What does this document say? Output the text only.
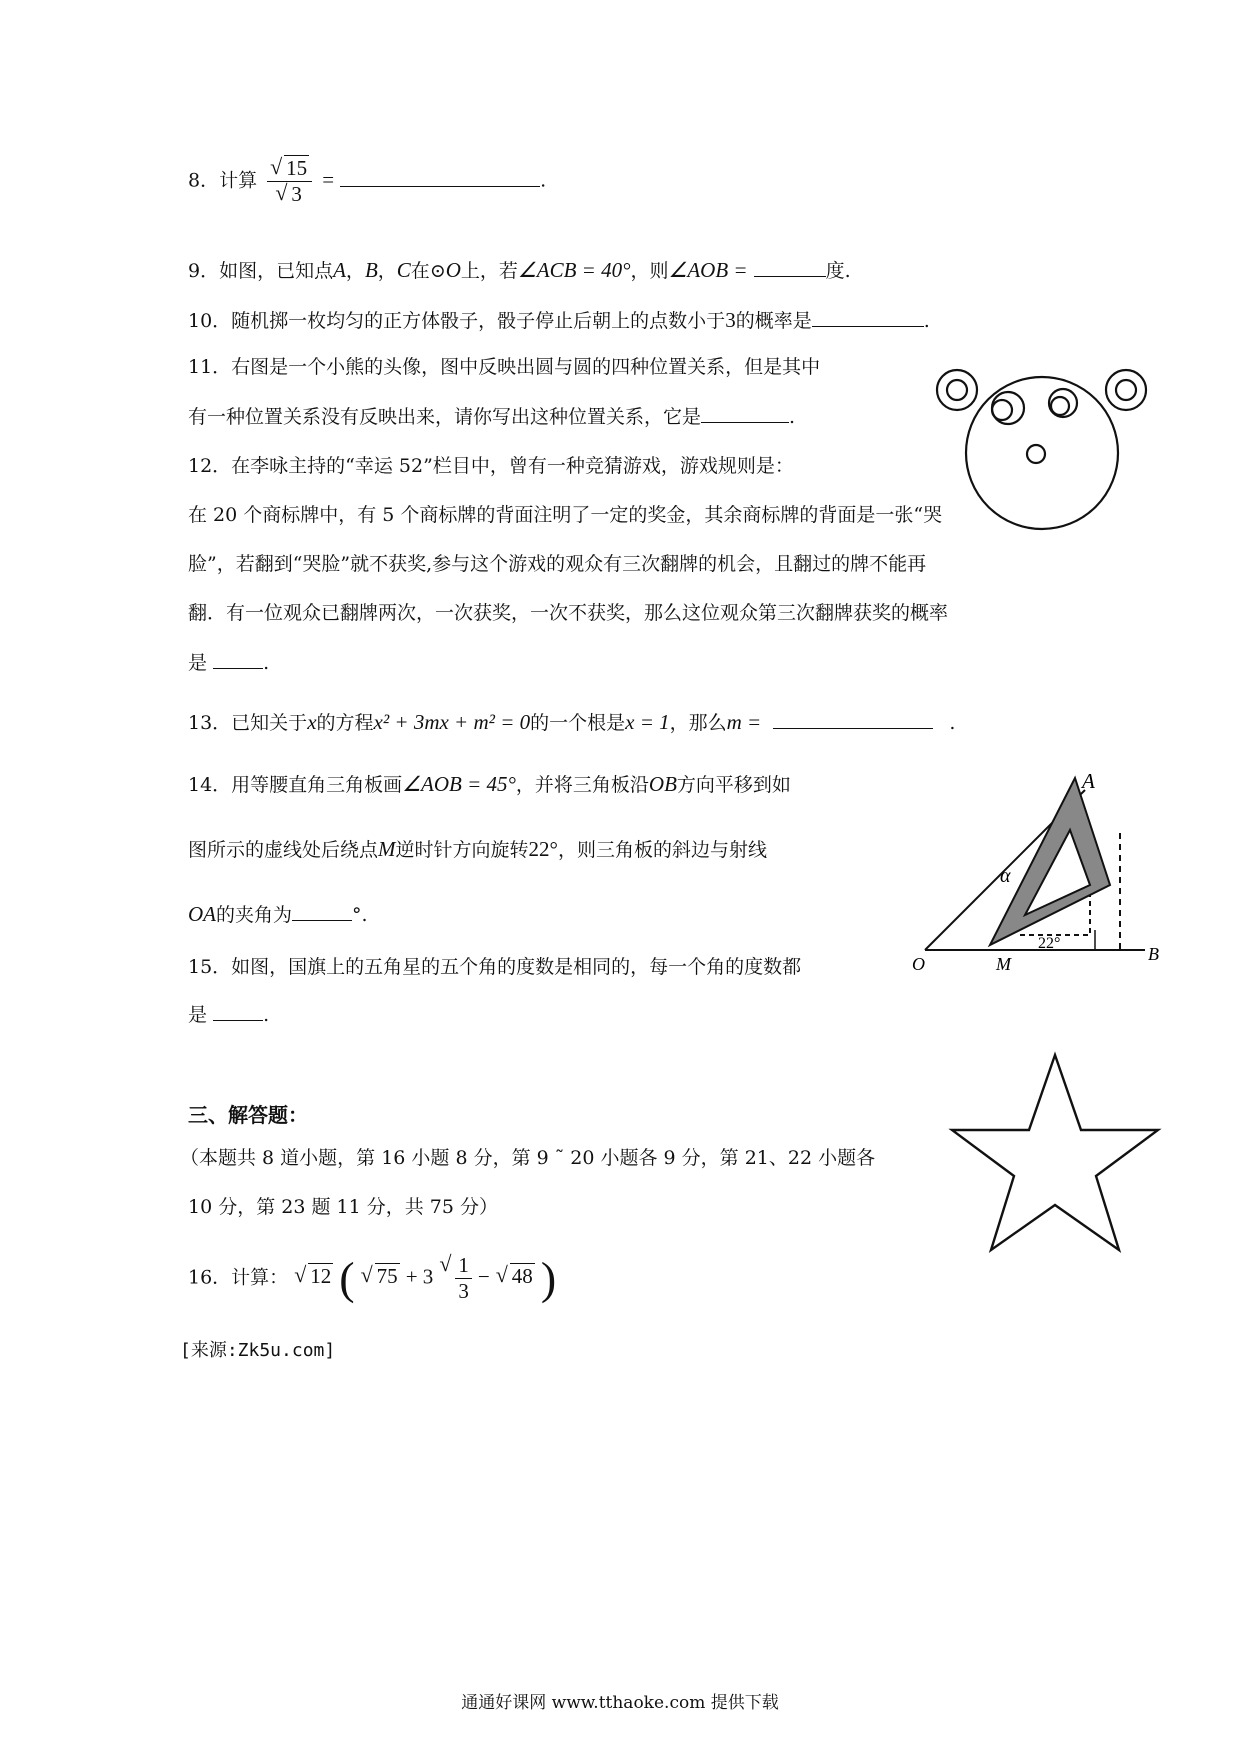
8．计算 √ 15
√ 3 =	.
9．如图，已知点A，B，C在⊙O上，若∠ACB = 40°，则∠AOB =	度.
10．随机掷一枚均匀的正方体骰子，骰子停止后朝上的点数小于3的概率是	.
11．右图是一个小熊的头像，图中反映出圆与圆的四种位置关系，但是其中
有一种位置关系没有反映出来，请你写出这种位置关系，它是	.
12．在李咏主持的“幸运 52”栏目中，曾有一种竞猜游戏，游戏规则是：
在 20 个商标牌中，有 5 个商标牌的背面注明了一定的奖金，其余商标牌的背面是一张“哭
脸”，若翻到“哭脸”就不获奖,参与这个游戏的观众有三次翻牌的机会，且翻过的牌不能再
翻．有一位观众已翻牌两次，一次获奖，一次不获奖，那么这位观众第三次翻牌获奖的概率
是	.
13．已知关于x的方程x² + 3mx + m² = 0的一个根是x = 1，那么m =	.
14．用等腰直角三角板画∠AOB = 45°，并将三角板沿OB方向平移到如
图所示的虚线处后绕点M逆时针方向旋转22°，则三角板的斜边与射线
OA的夹角为	°.
A
O	M	B
α
22°
15．如图，国旗上的五角星的五个角的度数是相同的，每一个角的度数都
是	.
三、解答题：
（本题共 8 道小题，第 16 小题 8 分，第 9 ˜ 20 小题各 9 分，第 21、22 小题各
10 分，第 23 题 11 分，共 75 分）
16．计算： √ 12 ( √ 75 + 3 √ $\frac{1}{3}$ − √ 48 )
[来源:Zk5u.com]
通通好课网 www.tthaoke.com 提供下载
